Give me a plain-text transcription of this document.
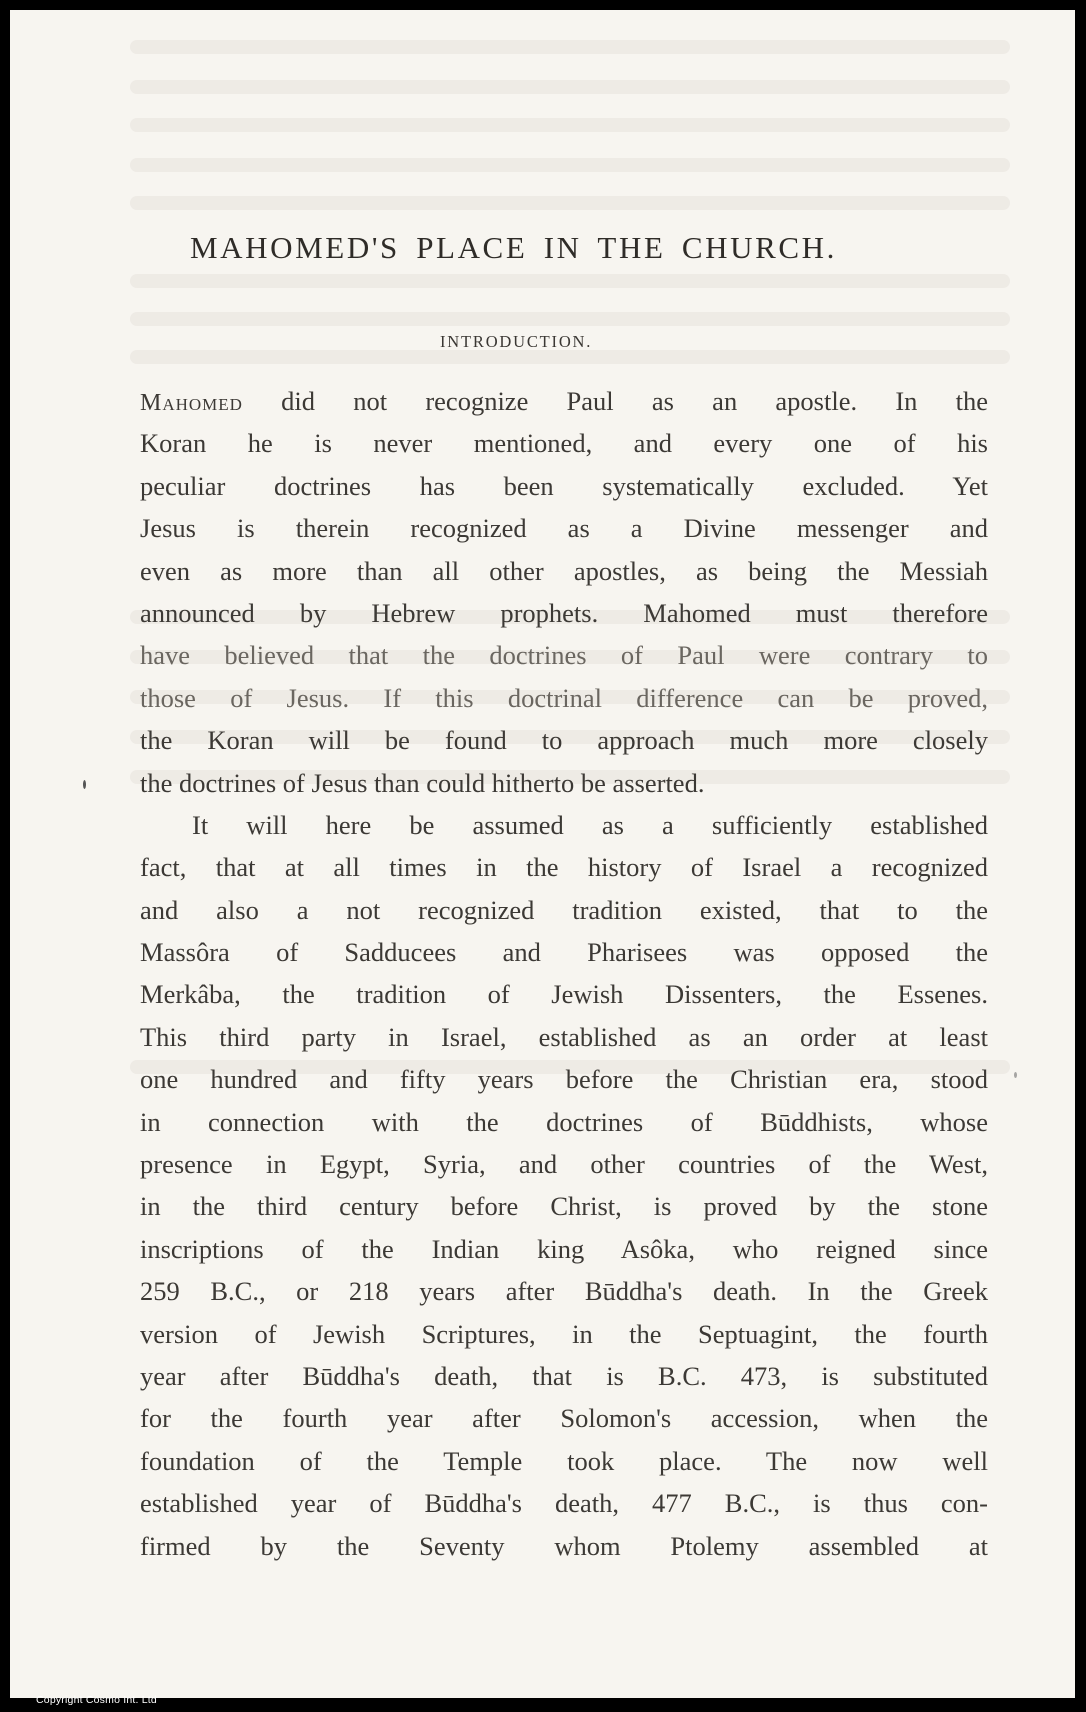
MAHOMED'S PLACE IN THE CHURCH.
INTRODUCTION.

Mahomed did not recognize Paul as an apostle. In the

Koran he is never mentioned, and every one of his

peculiar doctrines has been systematically excluded. Yet

Jesus is therein recognized as a Divine messenger and

even as more than all other apostles, as being the Messiah

announced by Hebrew prophets. Mahomed must therefore

have believed that the doctrines of Paul were contrary to

those of Jesus. If this doctrinal difference can be proved,

the Koran will be found to approach much more closely

the doctrines of Jesus than could hitherto be asserted.

It will here be assumed as a sufficiently established

fact, that at all times in the history of Israel a recognized

and also a not recognized tradition existed, that to the

Massôra of Sadducees and Pharisees was opposed the

Merkâba, the tradition of Jewish Dissenters, the Essenes.

This third party in Israel, established as an order at least

one hundred and fifty years before the Christian era, stood

in connection with the doctrines of Būddhists, whose

presence in Egypt, Syria, and other countries of the West,

in the third century before Christ, is proved by the stone

inscriptions of the Indian king Asôka, who reigned since

259 B.C., or 218 years after Būddha's death. In the Greek

version of Jewish Scriptures, in the Septuagint, the fourth

year after Būddha's death, that is B.C. 473, is substituted

for the fourth year after Solomon's accession, when the

foundation of the Temple took place. The now well

established year of Būddha's death, 477 B.C., is thus con-

firmed by the Seventy whom Ptolemy assembled at

Copyright Cosmo Int. Ltd
